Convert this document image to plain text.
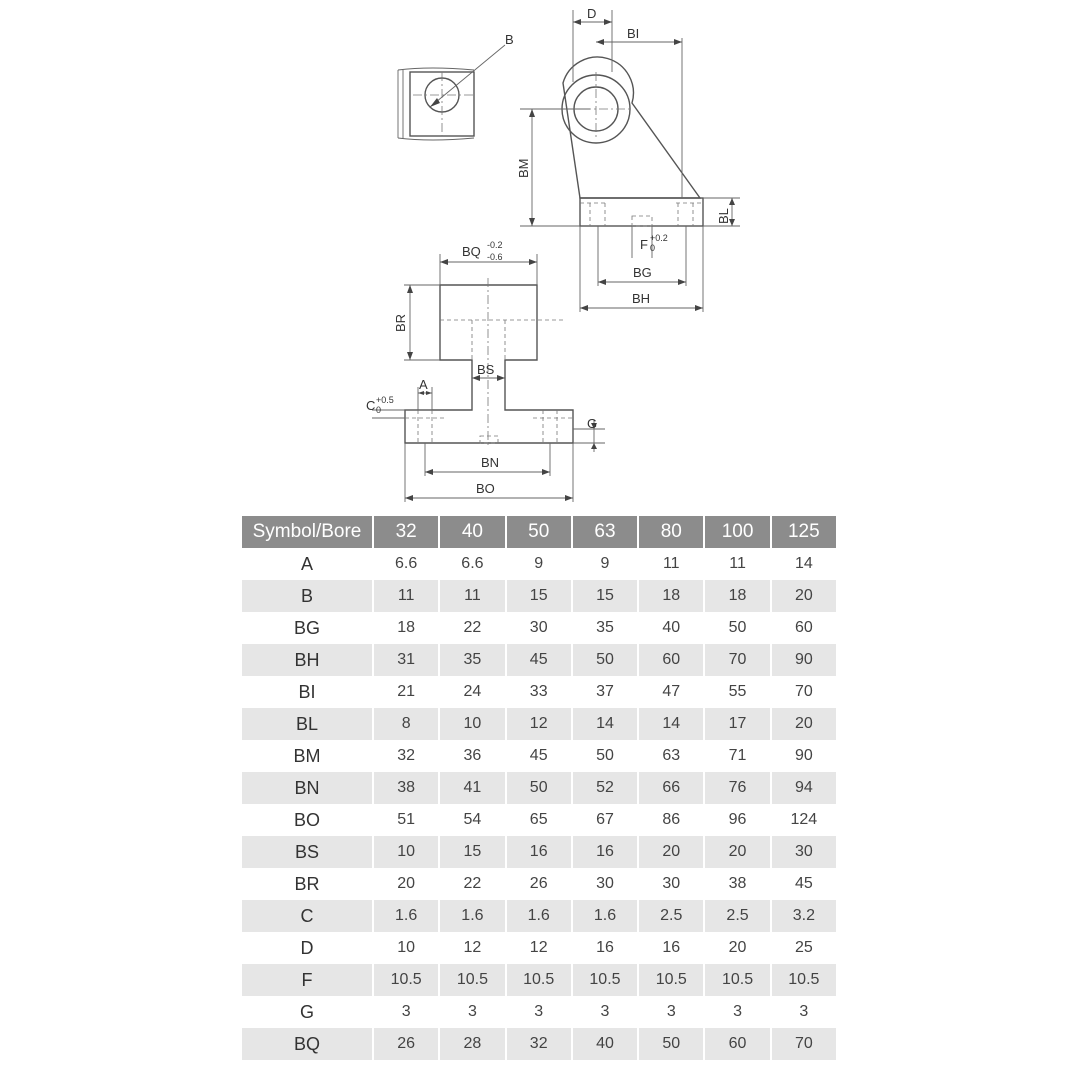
B
D
BI
BM
BL
F +0.2
0
BG
BH
BQ -0.2
-0.6
BR
BS
A
C +0.5
0
G
BN
BO
Symbol/Bore	32	40	50	63	80	100	125
A	6.6	6.6	9	9	11	11	14
B	11	11	15	15	18	18	20
BG	18	22	30	35	40	50	60
BH	31	35	45	50	60	70	90
BI	21	24	33	37	47	55	70
BL	8	10	12	14	14	17	20
BM	32	36	45	50	63	71	90
BN	38	41	50	52	66	76	94
BO	51	54	65	67	86	96	124
BS	10	15	16	16	20	20	30
BR	20	22	26	30	30	38	45
C	1.6	1.6	1.6	1.6	2.5	2.5	3.2
D	10	12	12	16	16	20	25
F	10.5	10.5	10.5	10.5	10.5	10.5	10.5
G	3	3	3	3	3	3	3
BQ	26	28	32	40	50	60	70
